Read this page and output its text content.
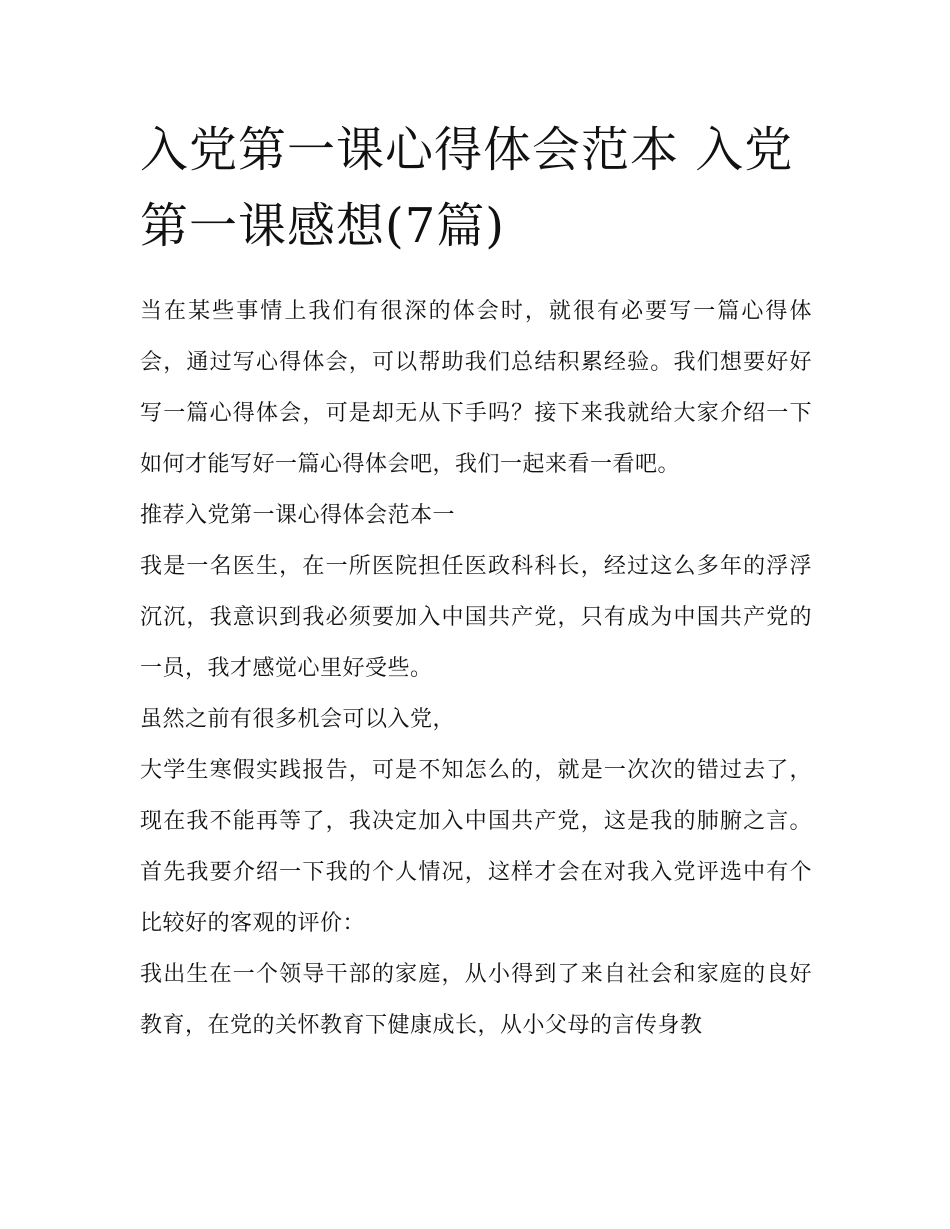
入党第一课心得体会范本 入党第一课感想(7篇)

当在某些事情上我们有很深的体会时，就很有必要写一篇心得体会，通过写心得体会，可以帮助我们总结积累经验。我们想要好好写一篇心得体会，可是却无从下手吗？接下来我就给大家介绍一下如何才能写好一篇心得体会吧，我们一起来看一看吧。

推荐入党第一课心得体会范本一

我是一名医生，在一所医院担任医政科科长，经过这么多年的浮浮沉沉，我意识到我必须要加入中国共产党，只有成为中国共产党的一员，我才感觉心里好受些。

虽然之前有很多机会可以入党，

大学生寒假实践报告，可是不知怎么的，就是一次次的错过去了，现在我不能再等了，我决定加入中国共产党，这是我的肺腑之言。首先我要介绍一下我的个人情况，这样才会在对我入党评选中有个比较好的客观的评价：

我出生在一个领导干部的家庭，从小得到了来自社会和家庭的良好教育，在党的关怀教育下健康成长，从小父母的言传身教
